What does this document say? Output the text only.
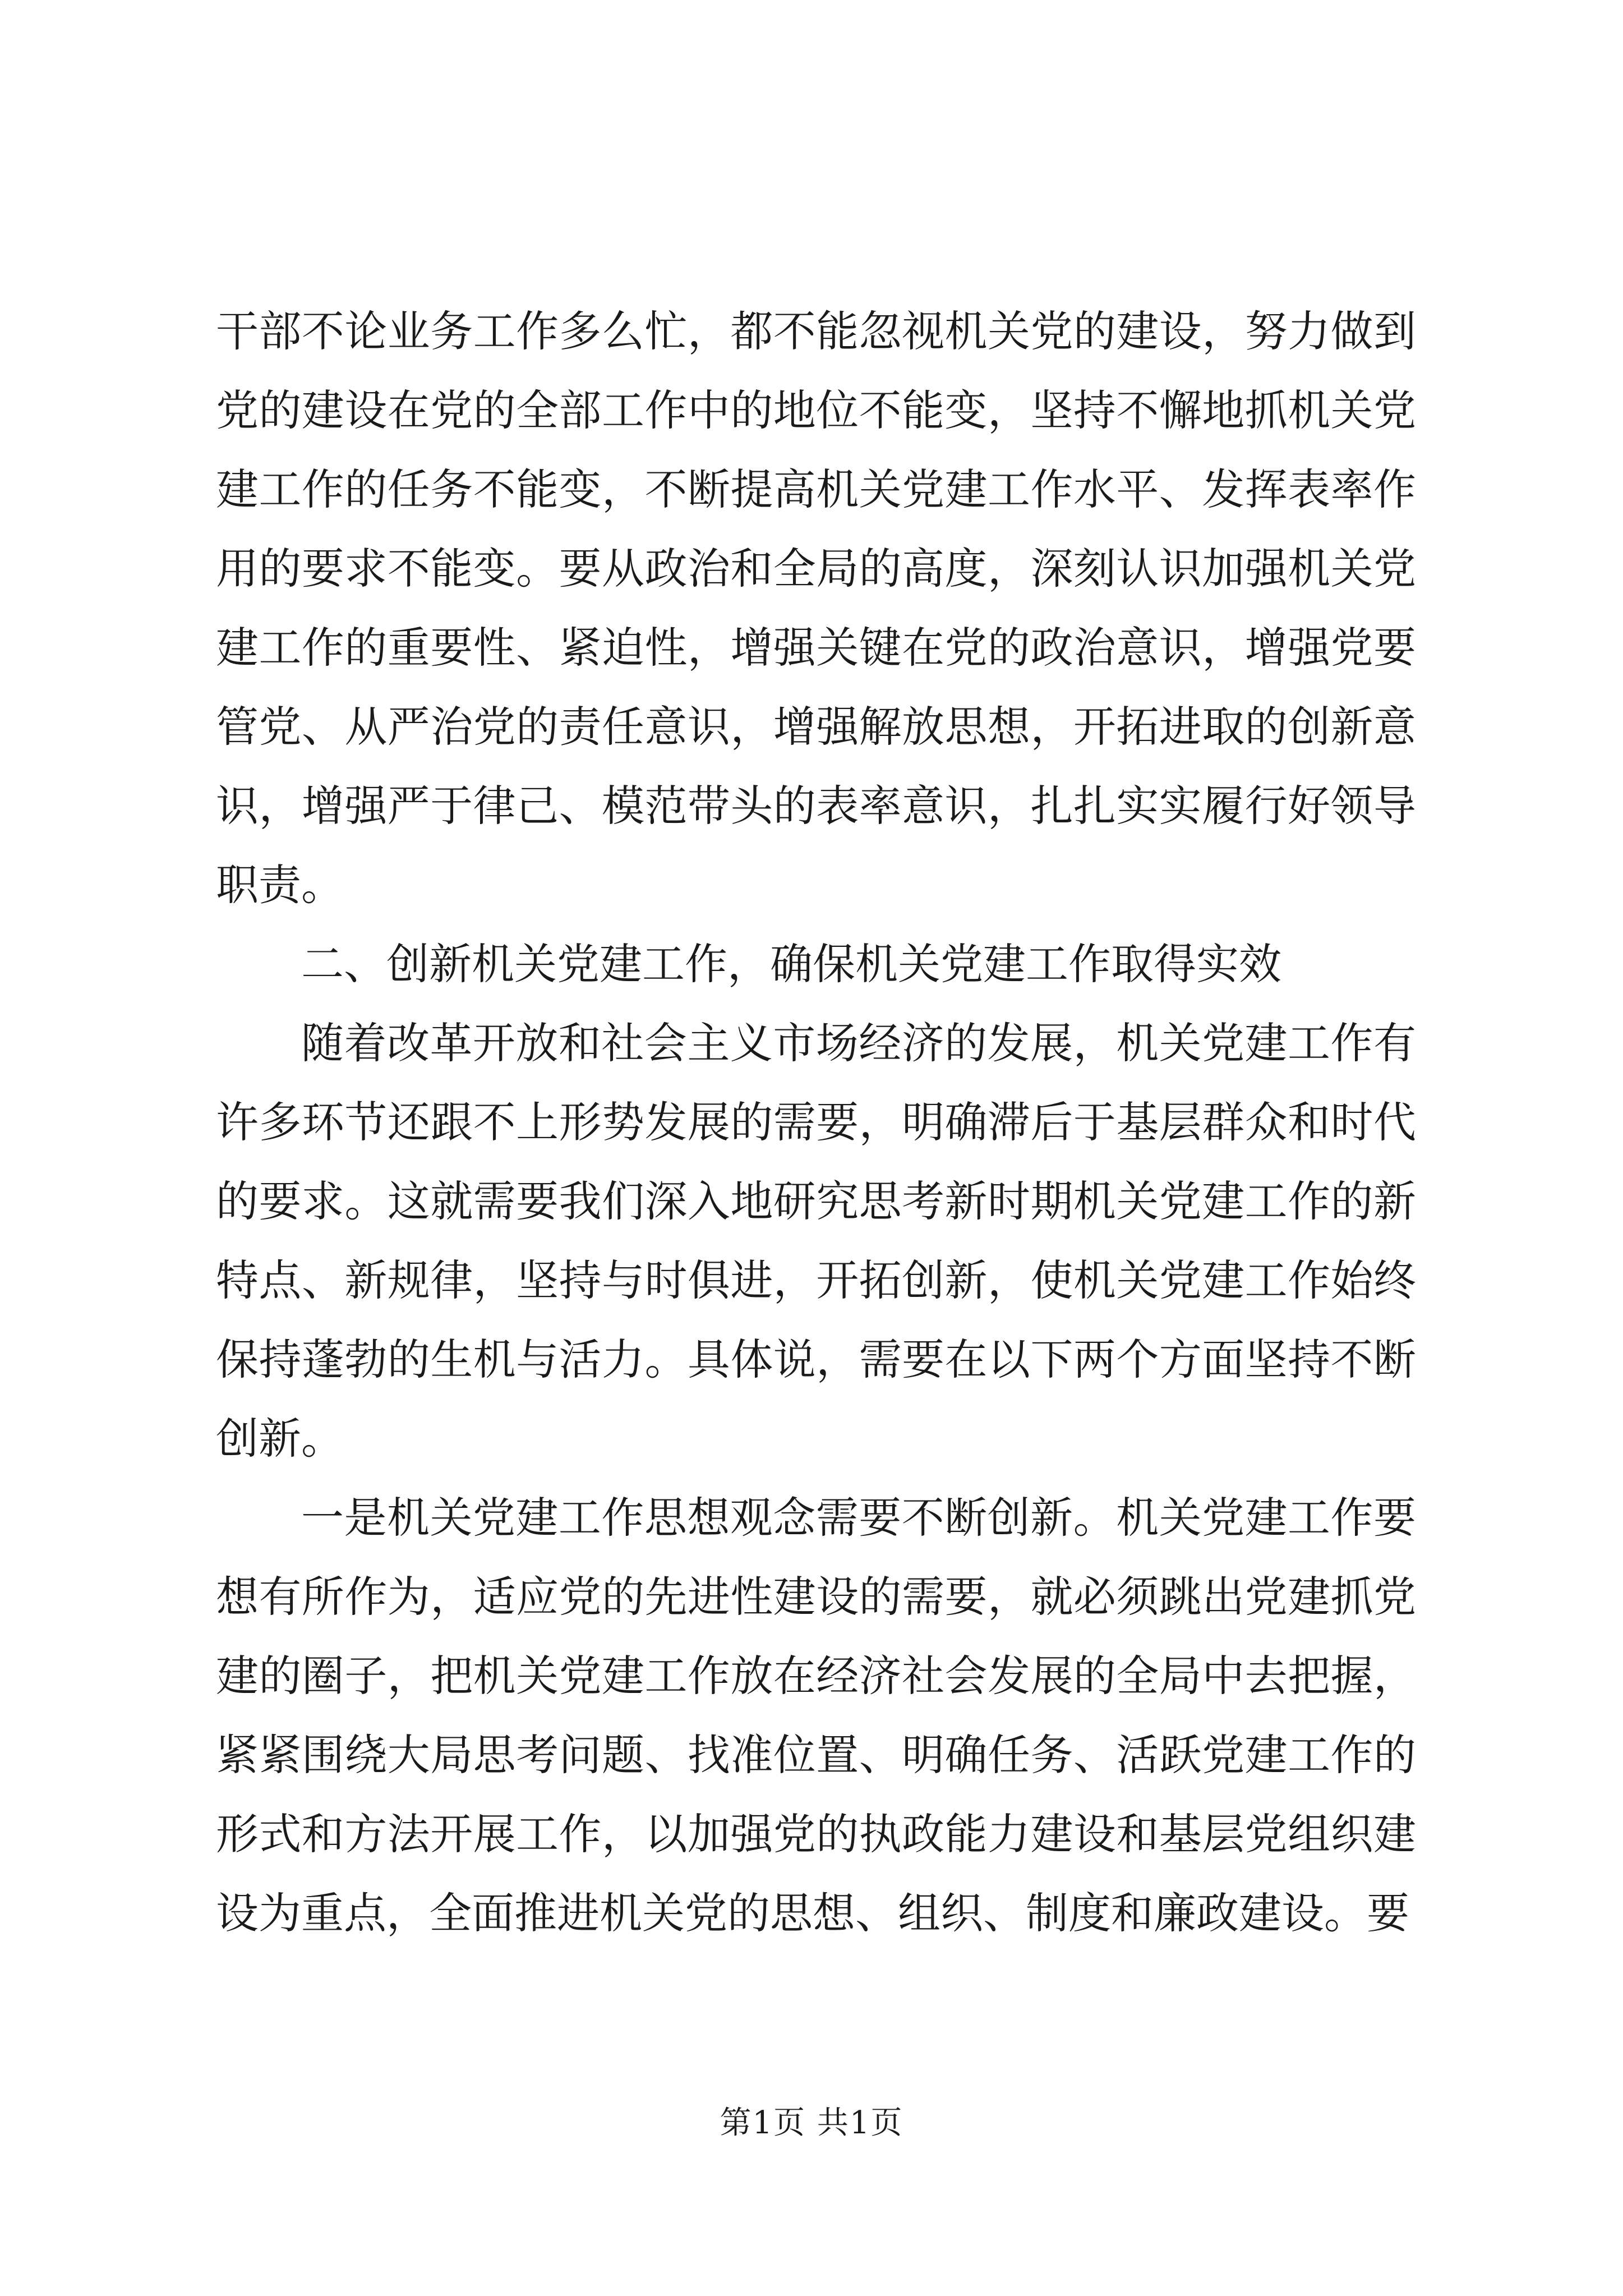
干部不论业务工作多么忙，都不能忽视机关党的建设，努力做到党的建设在党的全部工作中的地位不能变，坚持不懈地抓机关党建工作的任务不能变，不断提高机关党建工作水平、发挥表率作用的要求不能变。要从政治和全局的高度，深刻认识加强机关党建工作的重要性、紧迫性，增强关键在党的政治意识，增强党要管党、从严治党的责任意识，增强解放思想，开拓进取的创新意识，增强严于律己、模范带头的表率意识，扎扎实实履行好领导职责。

二、创新机关党建工作，确保机关党建工作取得实效

随着改革开放和社会主义市场经济的发展，机关党建工作有许多环节还跟不上形势发展的需要，明确滞后于基层群众和时代的要求。这就需要我们深入地研究思考新时期机关党建工作的新特点、新规律，坚持与时俱进，开拓创新，使机关党建工作始终保持蓬勃的生机与活力。具体说，需要在以下两个方面坚持不断创新。

一是机关党建工作思想观念需要不断创新。机关党建工作要想有所作为，适应党的先进性建设的需要，就必须跳出党建抓党建的圈子，把机关党建工作放在经济社会发展的全局中去把握，紧紧围绕大局思考问题、找准位置、明确任务、活跃党建工作的形式和方法开展工作，以加强党的执政能力建设和基层党组织建设为重点，全面推进机关党的思想、组织、制度和廉政建设。要

第1页 共1页
